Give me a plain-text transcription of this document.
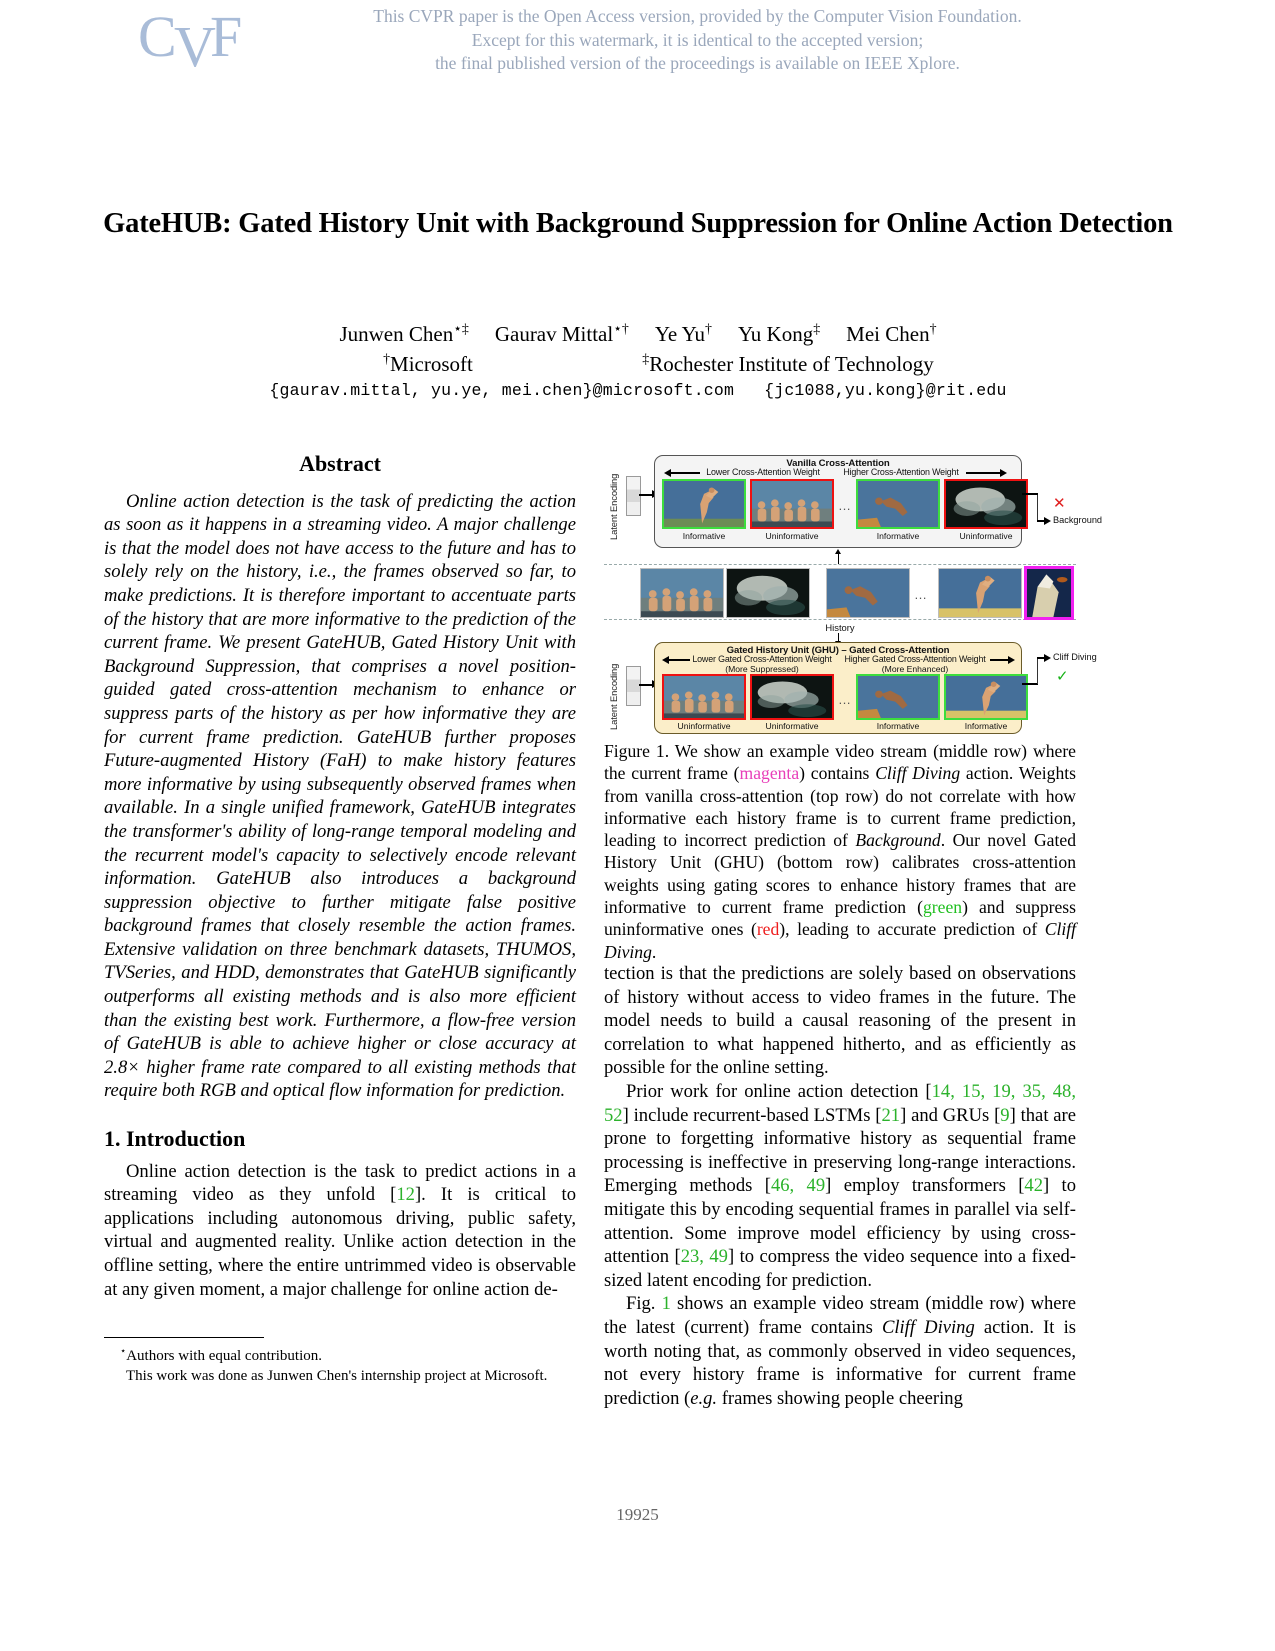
C V
F	This CVPR paper is the Open Access version, provided by the Computer Vision Foundation.
Except for this watermark, it is identical to the accepted version;
the final published version of the proceedings is available on IEEE Xplore.
GateHUB: Gated History Unit with Background Suppression for Online Action Detection
Junwen Chen⋆‡ Gaurav Mittal⋆† Ye Yu† Yu Kong‡ Mei Chen†
†Microsoft	‡Rochester Institute of Technology
{gaurav.mittal, yu.ye, mei.chen}@microsoft.com {jc1088,yu.kong}@rit.edu
Abstract

Online action detection is the task of predicting the action as soon as it happens in a streaming video. A major challenge is that the model does not have access to the future and has to solely rely on the history, i.e., the frames observed so far, to make predictions. It is therefore important to accentuate parts of the history that are more informative to the prediction of the current frame. We present GateHUB, Gated History Unit with Background Suppression, that comprises a novel position-guided gated cross-attention mechanism to enhance or suppress parts of the history as per how informative they are for current frame prediction. GateHUB further proposes Future-augmented History (FaH) to make history features more informative by using subsequently observed frames when available. In a single unified framework, GateHUB integrates the transformer's ability of long-range temporal modeling and the recurrent model's capacity to selectively encode relevant information. GateHUB also introduces a background suppression objective to further mitigate false positive background frames that closely resemble the action frames. Extensive validation on three benchmark datasets, THUMOS, TVSeries, and HDD, demonstrates that GateHUB significantly outperforms all existing methods and is also more efficient than the existing best work. Furthermore, a flow-free version of GateHUB is able to achieve higher or close accuracy at 2.8× higher frame rate compared to all existing methods that require both RGB and optical flow information for prediction.

1. Introduction

Online action detection is the task to predict actions in a streaming video as they unfold [12]. It is critical to applications including autonomous driving, public safety, virtual and augmented reality. Unlike action detection in the offline setting, where the entire untrimmed video is observable at any given moment, a major challenge for online action de-

tection is that the predictions are solely based on observations of history without access to video frames in the future. The model needs to build a causal reasoning of the present in correlation to what happened hitherto, and as efficiently as possible for the online setting.

Prior work for online action detection [14, 15, 19, 35, 48, 52] include recurrent-based LSTMs [21] and GRUs [9] that are prone to forgetting informative history as sequential frame processing is ineffective in preserving long-range interactions. Emerging methods [46, 49] employ transformers [42] to mitigate this by encoding sequential frames in parallel via self-attention. Some improve model efficiency by using cross-attention [23, 49] to compress the video sequence into a fixed-sized latent encoding for prediction.

Fig. 1 shows an example video stream (middle row) where the latest (current) frame contains Cliff Diving action. It is worth noting that, as commonly observed in video sequences, not every history frame is informative for current frame prediction (e.g. frames showing people cheering

Latent Encoding
Vanilla Cross-Attention
Lower Cross-Attention Weight	Higher Cross-Attention Weight
…
Informative	Uninformative	Informative	Uninformative
Background
✕
…
History
Latent Encoding
Gated History Unit (GHU) – Gated Cross-Attention
Lower Gated Cross-Attention Weight
(More Suppressed)
Higher Gated Cross-Attention Weight
(More Enhanced)
…
Uninformative	Uninformative	Informative	Informative
Cliff Diving
✓
Figure 1. We show an example video stream (middle row) where the current frame (magenta) contains Cliff Diving action. Weights from vanilla cross-attention (top row) do not correlate with how informative each history frame is to current frame prediction, leading to incorrect prediction of Background. Our novel Gated History Unit (GHU) (bottom row) calibrates cross-attention weights using gating scores to enhance history frames that are informative to current frame prediction (green) and suppress uninformative ones (red), leading to accurate prediction of Cliff Diving.

⋆Authors with equal contribution.

This work was done as Junwen Chen's internship project at Microsoft.

19925
